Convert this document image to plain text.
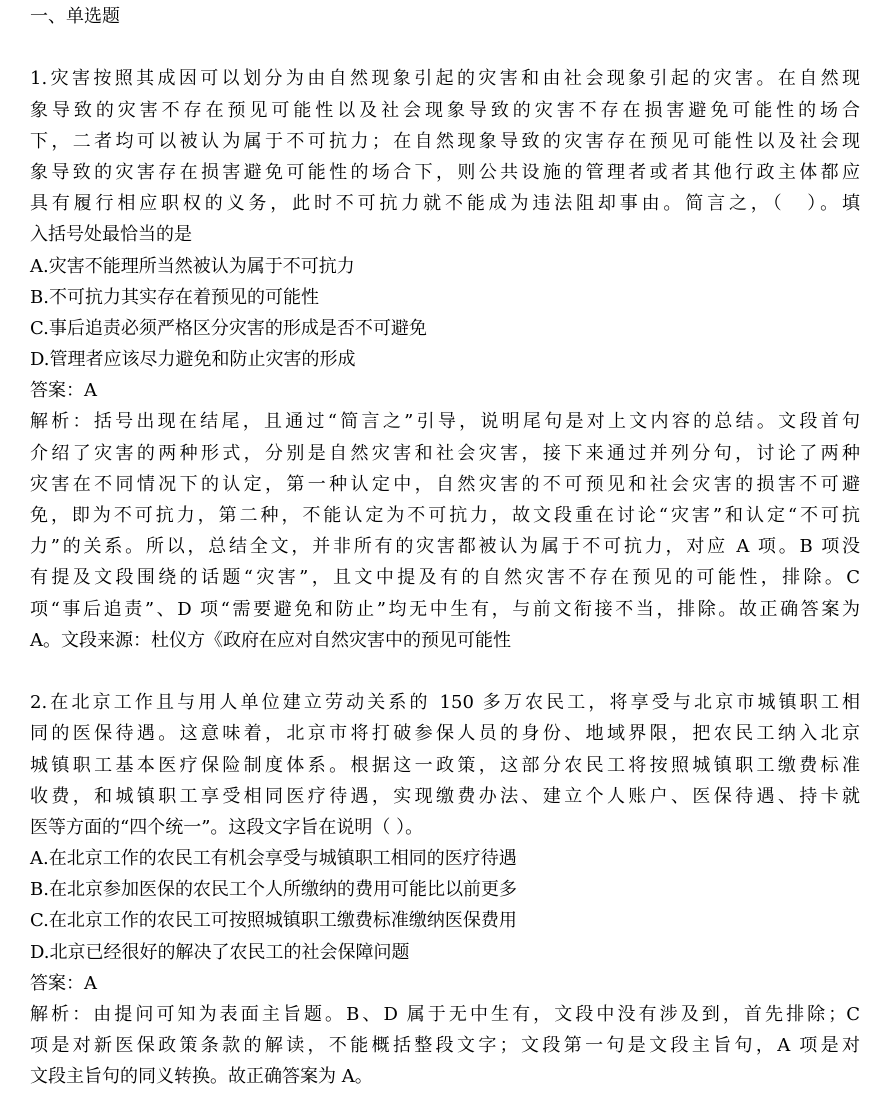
一、单选题
1.灾害按照其成因可以划分为由自然现象引起的灾害和由社会现象引起的灾害。在自然现
象导致的灾害不存在预见可能性以及社会现象导致的灾害不存在损害避免可能性的场合
下，二者均可以被认为属于不可抗力；在自然现象导致的灾害存在预见可能性以及社会现
象导致的灾害存在损害避免可能性的场合下，则公共设施的管理者或者其他行政主体都应
具有履行相应职权的义务，此时不可抗力就不能成为违法阻却事由。简言之，（　）。填
入括号处最恰当的是
A.灾害不能理所当然被认为属于不可抗力
B.不可抗力其实存在着预见的可能性
C.事后追责必须严格区分灾害的形成是否不可避免
D.管理者应该尽力避免和防止灾害的形成
答案：A
解析：括号出现在结尾，且通过“简言之”引导，说明尾句是对上文内容的总结。文段首句
介绍了灾害的两种形式，分别是自然灾害和社会灾害，接下来通过并列分句，讨论了两种
灾害在不同情况下的认定，第一种认定中，自然灾害的不可预见和社会灾害的损害不可避
免，即为不可抗力，第二种，不能认定为不可抗力，故文段重在讨论“灾害”和认定“不可抗
力”的关系。所以，总结全文，并非所有的灾害都被认为属于不可抗力，对应 A 项。B 项没
有提及文段围绕的话题“灾害”，且文中提及有的自然灾害不存在预见的可能性，排除。C
项“事后追责”、D 项“需要避免和防止”均无中生有，与前文衔接不当，排除。故正确答案为
A。文段来源：杜仪方《政府在应对自然灾害中的预见可能性
2.在北京工作且与用人单位建立劳动关系的 150 多万农民工，将享受与北京市城镇职工相
同的医保待遇。这意味着，北京市将打破参保人员的身份、地域界限，把农民工纳入北京
城镇职工基本医疗保险制度体系。根据这一政策，这部分农民工将按照城镇职工缴费标准
收费，和城镇职工享受相同医疗待遇，实现缴费办法、建立个人账户、医保待遇、持卡就
医等方面的“四个统一”。这段文字旨在说明（ ）。
A.在北京工作的农民工有机会享受与城镇职工相同的医疗待遇
B.在北京参加医保的农民工个人所缴纳的费用可能比以前更多
C.在北京工作的农民工可按照城镇职工缴费标准缴纳医保费用
D.北京已经很好的解决了农民工的社会保障问题
答案：A
解析：由提问可知为表面主旨题。B、D 属于无中生有，文段中没有涉及到，首先排除；C
项是对新医保政策条款的解读，不能概括整段文字；文段第一句是文段主旨句，A 项是对
文段主旨句的同义转换。故正确答案为 A。
